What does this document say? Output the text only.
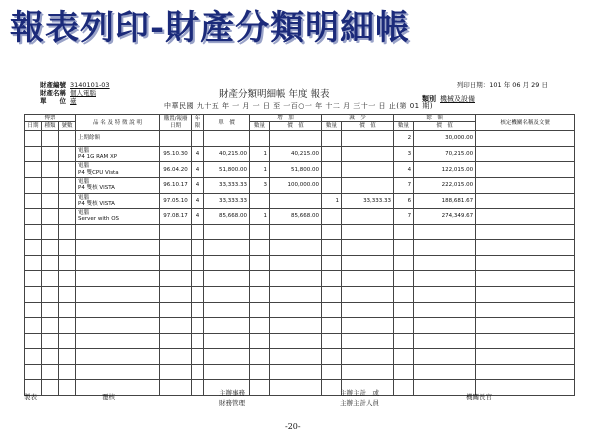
報表列印-財產分類明細帳
財產編號 3140101-03
財產名稱 個人電腦
單　　位 臺
財產分類明細帳 年度 報表
列印日期：101 年 06 月 29 日
類別 機械及設備
中華民國 九十五 年 一 月 一 日 至 一百○一 年 十二 月 三十一 日 止(第 01 期)
傳票			品 名 及 特 徵 說 明	購置/報廢
日期	年
限	單　價	增　加		減　少		餘　額		核定機關名稱及文號
日期	種類	號數					數量	價　值	數量	價　值	數量	價　值	

			上期餘額								2	30,000.00	

			電腦
P4 1G RAM XP	95.10.30	4	40,215.00	1	40,215.00			3	70,215.00	

			電腦
P4 雙CPU Vista	96.04.20	4	51,800.00	1	51,800.00			4	122,015.00	

			電腦
P4 雙核 VISTA	96.10.17	4	33,333.33	3	100,000.00			7	222,015.00	

			電腦
P4 雙核 VISTA	97.05.10	4	33,333.33			1	33,333.33	6	188,681.67	

			電腦
Server with OS	97.08.17	4	85,668.00	1	85,668.00			7	274,349.67	

製表	覆核	主辦事務
財務管理
主辦主計　或
主辦主計人員
機關長官
-20-
